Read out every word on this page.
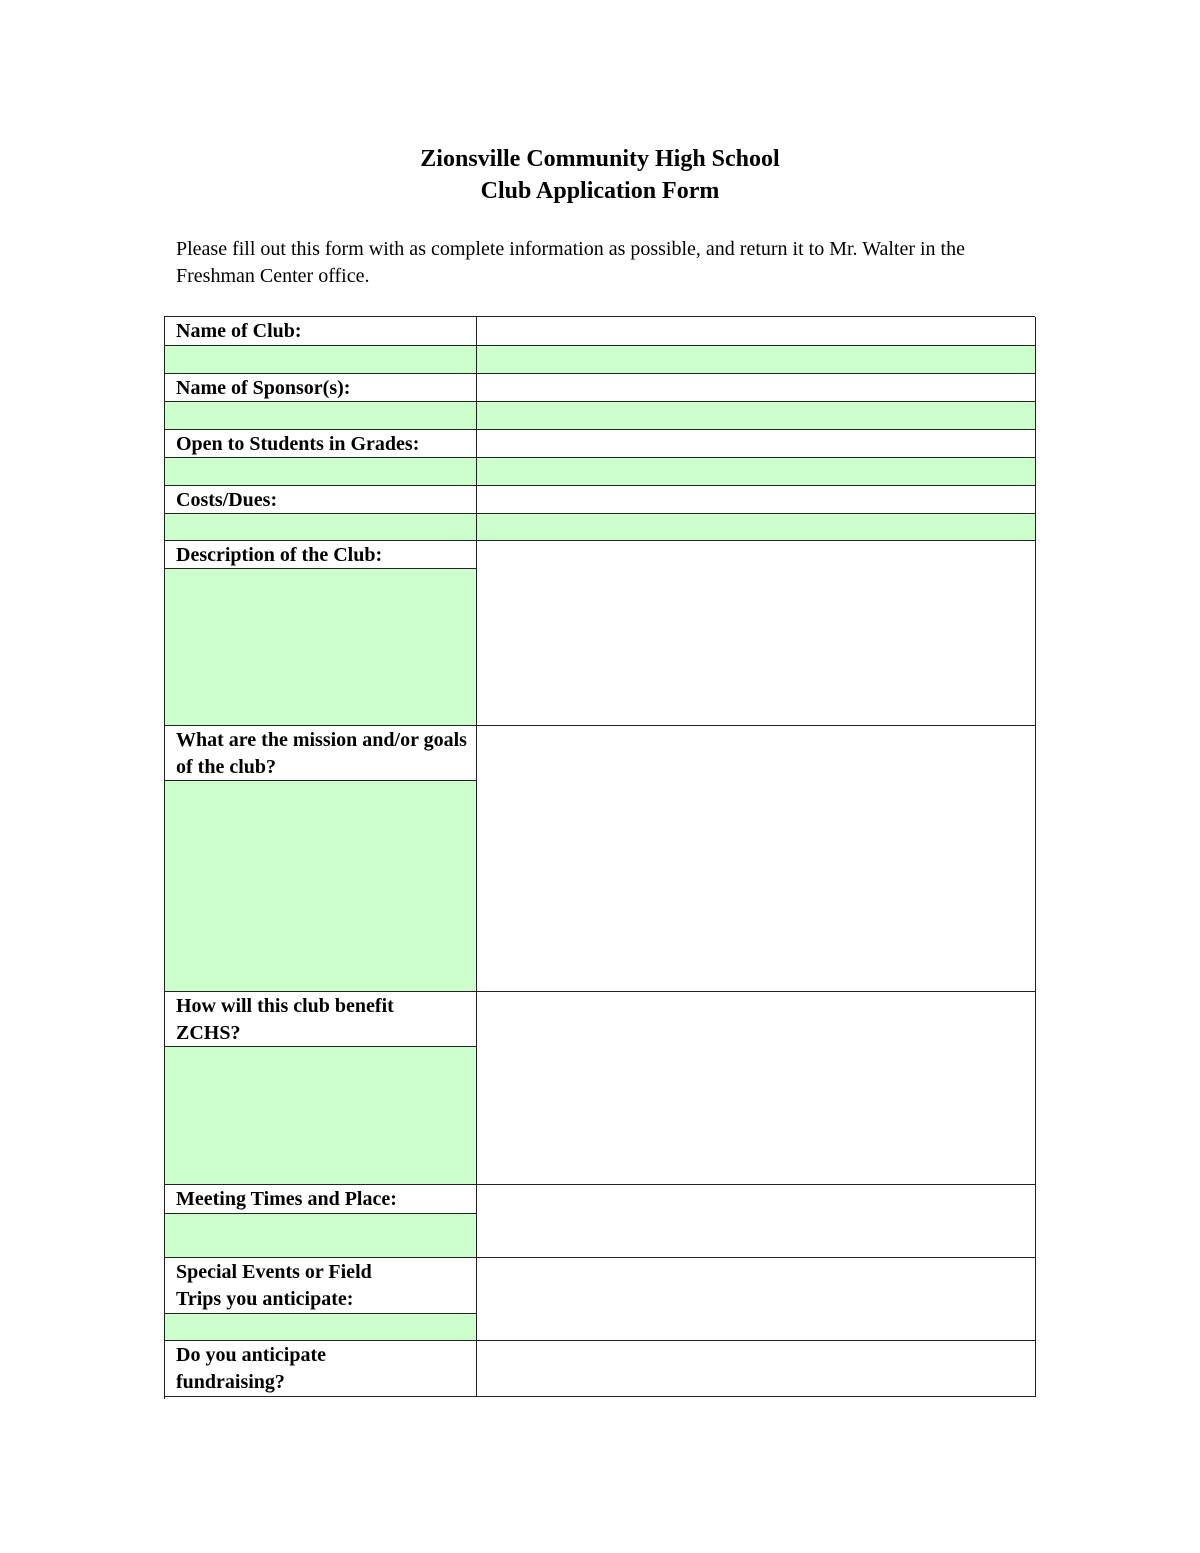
Zionsville Community High School
Club Application Form
Please fill out this form with as complete information as possible, and return it to Mr. Walter in the Freshman Center office.
Name of Club:
Name of Sponsor(s):
Open to Students in Grades:
Costs/Dues:
Description of the Club:
What are the mission and/or goals of the club?
How will this club benefit ZCHS?
Meeting Times and Place:
Special Events or Field Trips you anticipate:
Do you anticipate fundraising?
